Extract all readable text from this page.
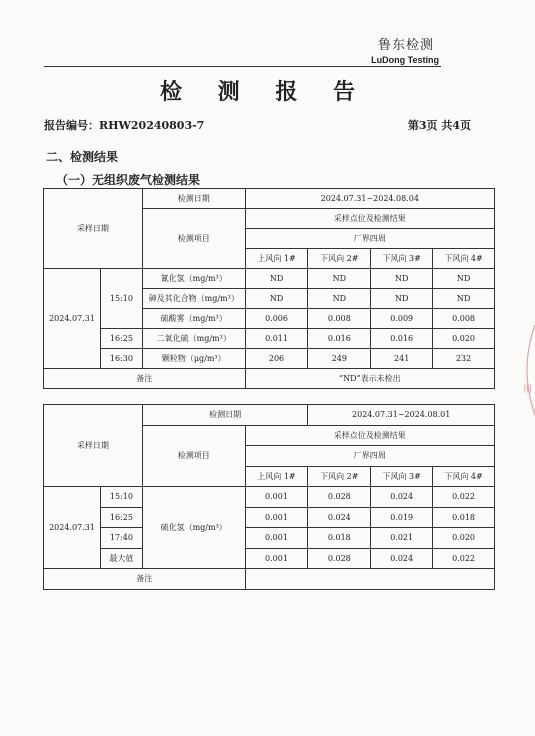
鲁东检测
LuDong Testing
检 测 报 告
报告编号：RHW20240803-7	第3页 共4页
二、检测结果
（一）无组织废气检测结果
采样日期		检测日期	2024.07.31~2024.08.04			
		检测项目	采样点位及检测结果			
			厂界四周			
			上风向 1#	下风向 2#	下风向 3#	下风向 4#
2024.07.31	15:10	氰化氢（mg/m³）	ND	ND	ND	ND
		砷及其化合物（mg/m³）	ND	ND	ND	ND
		硫酸雾（mg/m³）	0.006	0.008	0.009	0.008
	16:25	二氧化硫（mg/m³）	0.011	0.016	0.016	0.020
	16:30	颗粒物（μg/m³）	206	249	241	232
备注			“ND”表示未检出			
采样日期		检测日期		2024.07.31~2024.08.01		
		检测项目	采样点位及检测结果			
			厂界四周			
			上风向 1#	下风向 2#	下风向 3#	下风向 4#
2024.07.31	15:10	硫化氢（mg/m³）	0.001	0.028	0.024	0.022
	16:25		0.001	0.024	0.019	0.018
	17:40		0.001	0.018	0.021	0.020
	最大值		0.001	0.028	0.024	0.022
备注						
用
